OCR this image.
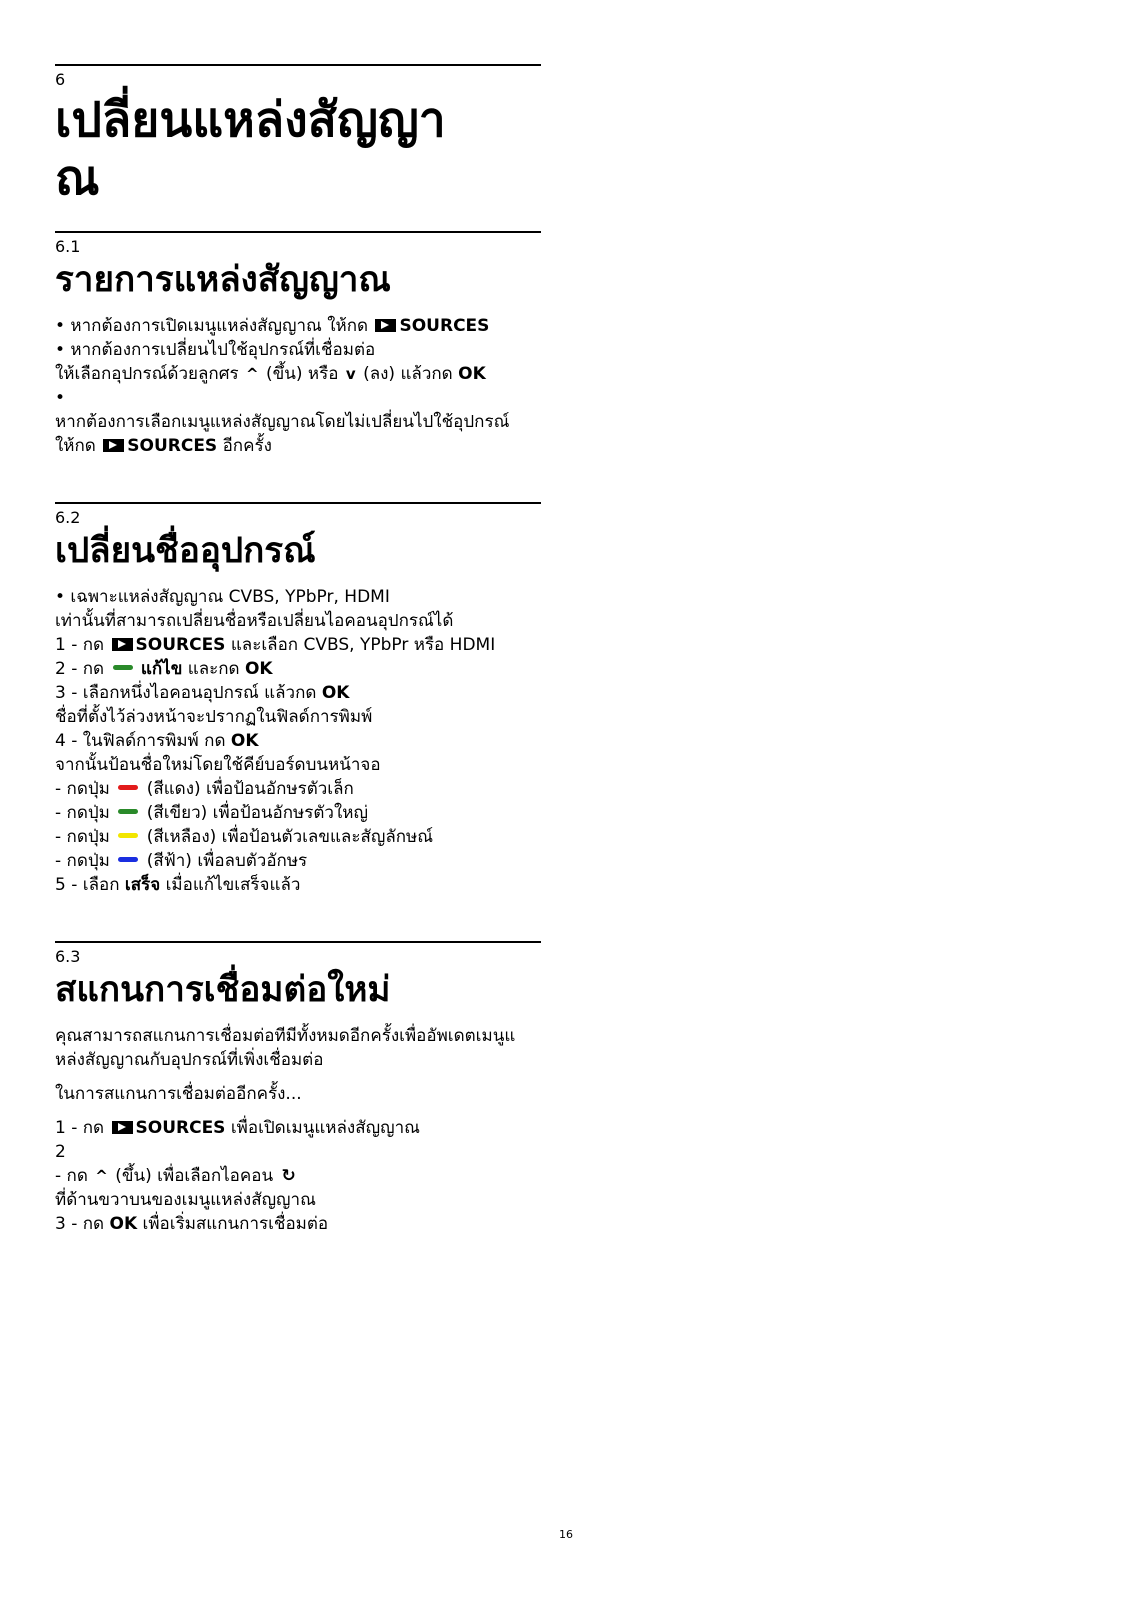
6
เปลี่ยนแหล่งสัญญา
ณ
6.1
รายการแหล่งสัญญาณ
• หากต้องการเปิดเมนูแหล่งสัญญาณ ให้กด SOURCES
• หากต้องการเปลี่ยนไปใช้อุปกรณ์ที่เชื่อมต่อ
ให้เลือกอุปกรณ์ด้วยลูกศร ^ (ขึ้น) หรือ v (ลง) แล้วกด OK
•
หากต้องการเลือกเมนูแหล่งสัญญาณโดยไม่เปลี่ยนไปใช้อุปกรณ์
ให้กด SOURCES อีกครั้ง
6.2
เปลี่ยนชื่ออุปกรณ์
• เฉพาะแหล่งสัญญาณ CVBS, YPbPr, HDMI
เท่านั้นที่สามารถเปลี่ยนชื่อหรือเปลี่ยนไอคอนอุปกรณ์ได้
1 - กด SOURCES และเลือก CVBS, YPbPr หรือ HDMI
2 - กด แก้ไข และกด OK
3 - เลือกหนึ่งไอคอนอุปกรณ์ แล้วกด OK
ชื่อที่ตั้งไว้ล่วงหน้าจะปรากฏในฟิลด์การพิมพ์
4 - ในฟิลด์การพิมพ์ กด OK
จากนั้นป้อนชื่อใหม่โดยใช้คีย์บอร์ดบนหน้าจอ
- กดปุ่ม (สีแดง) เพื่อป้อนอักษรตัวเล็ก
- กดปุ่ม (สีเขียว) เพื่อป้อนอักษรตัวใหญ่
- กดปุ่ม (สีเหลือง) เพื่อป้อนตัวเลขและสัญลักษณ์
- กดปุ่ม (สีฟ้า) เพื่อลบตัวอักษร
5 - เลือก เสร็จ เมื่อแก้ไขเสร็จแล้ว
6.3
สแกนการเชื่อมต่อใหม่
คุณสามารถสแกนการเชื่อมต่อทีมีทั้งหมดอีกครั้งเพื่ออัพเดตเมนูแ
หล่งสัญญาณกับอุปกรณ์ที่เพิ่งเชื่อมต่อ
ในการสแกนการเชื่อมต่ออีกครั้ง...
1 - กด SOURCES เพื่อเปิดเมนูแหล่งสัญญาณ
2
- กด ^ (ขึ้น) เพื่อเลือกไอคอน ↻
ที่ด้านขวาบนของเมนูแหล่งสัญญาณ
3 - กด OK เพื่อเริ่มสแกนการเชื่อมต่อ
16
